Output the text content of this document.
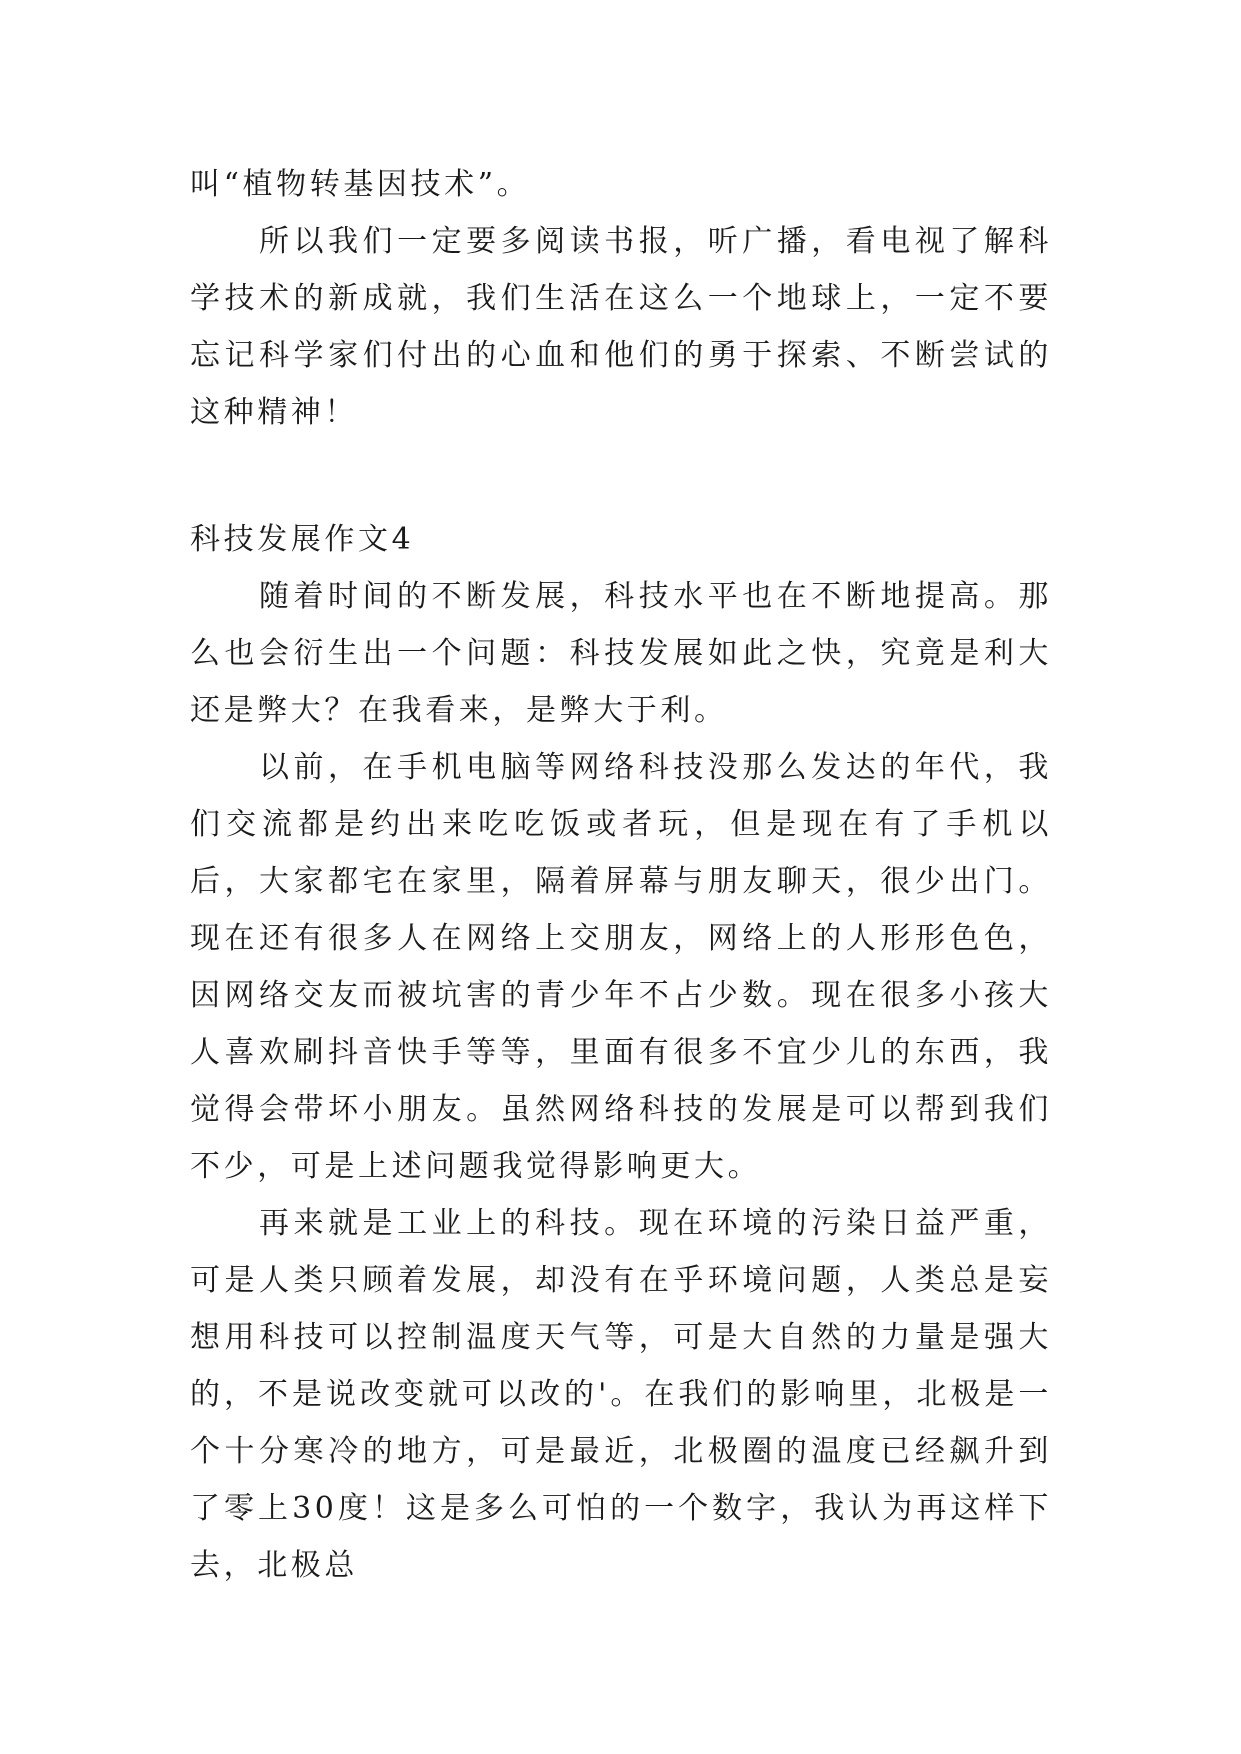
叫“植物转基因技术”。

所以我们一定要多阅读书报，听广播，看电视了解科学技术的新成就，我们生活在这么一个地球上，一定不要忘记科学家们付出的心血和他们的勇于探索、不断尝试的这种精神！

科技发展作文4

随着时间的不断发展，科技水平也在不断地提高。那么也会衍生出一个问题：科技发展如此之快，究竟是利大还是弊大？在我看来，是弊大于利。

以前，在手机电脑等网络科技没那么发达的年代，我们交流都是约出来吃吃饭或者玩，但是现在有了手机以后，大家都宅在家里，隔着屏幕与朋友聊天，很少出门。现在还有很多人在网络上交朋友，网络上的人形形色色，因网络交友而被坑害的青少年不占少数。现在很多小孩大人喜欢刷抖音快手等等，里面有很多不宜少儿的东西，我觉得会带坏小朋友。虽然网络科技的发展是可以帮到我们不少，可是上述问题我觉得影响更大。

再来就是工业上的科技。现在环境的污染日益严重，可是人类只顾着发展，却没有在乎环境问题，人类总是妄想用科技可以控制温度天气等，可是大自然的力量是强大的，不是说改变就可以改的'。在我们的影响里，北极是一个十分寒冷的地方，可是最近，北极圈的温度已经飙升到了零上30度！这是多么可怕的一个数字，我认为再这样下去，北极总
